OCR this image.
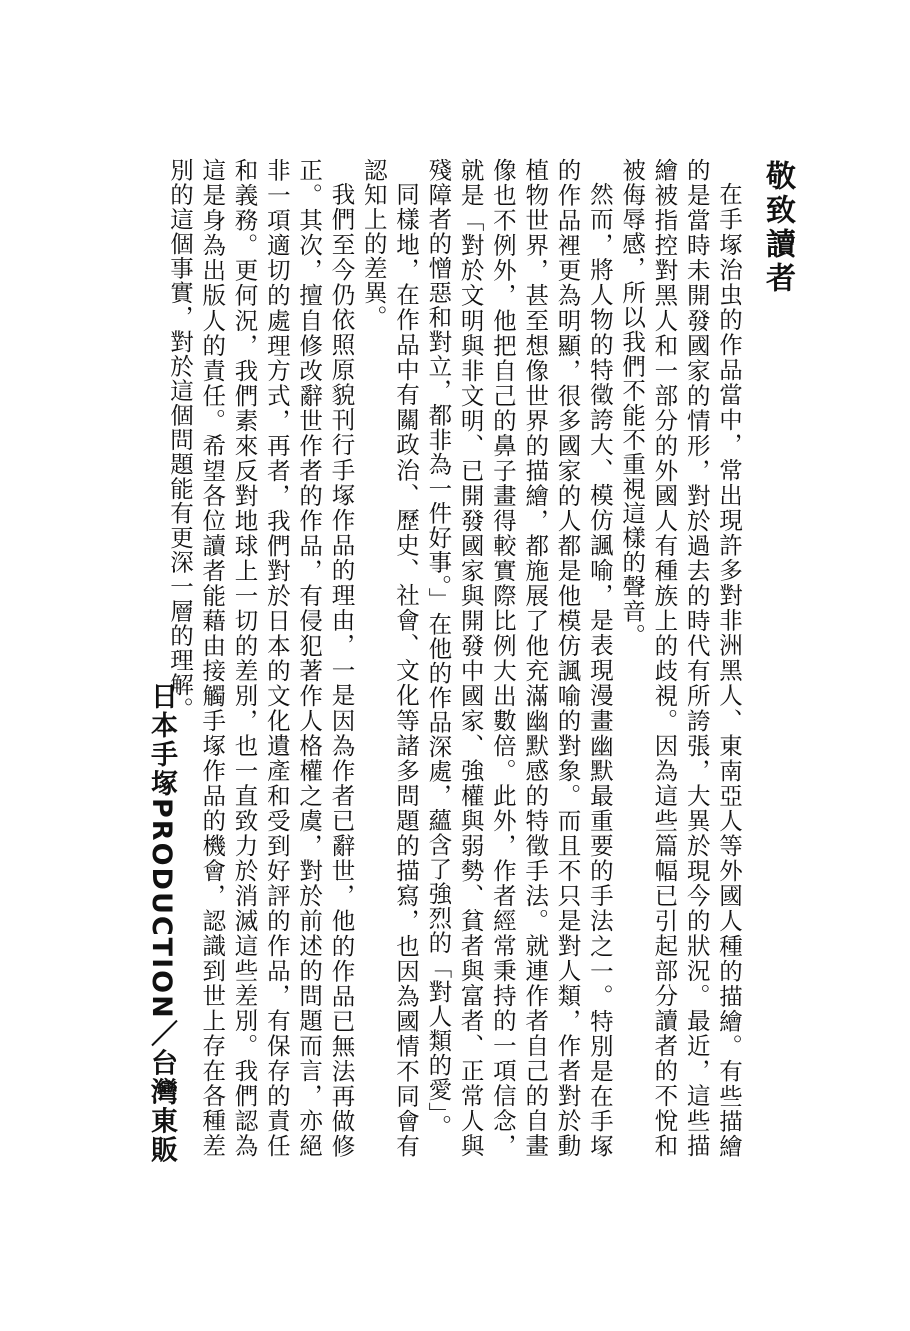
敬致讀者

在手塚治虫的作品當中，常出現許多對非洲黑人、東南亞人等外國人種的描繪。有些描繪的是當時未開發國家的情形，對於過去的時代有所誇張，大異於現今的狀況。最近，這些描繪被指控對黑人和一部分的外國人有種族上的歧視。因為這些篇幅已引起部分讀者的不悅和被侮辱感，所以我們不能不重視這樣的聲音。

然而，將人物的特徵誇大、模仿諷喻，是表現漫畫幽默最重要的手法之一。特別是在手塚的作品裡更為明顯，很多國家的人都是他模仿諷喻的對象。而且不只是對人類，作者對於動植物世界，甚至想像世界的描繪，都施展了他充滿幽默感的特徵手法。就連作者自己的自畫像也不例外，他把自己的鼻子畫得較實際比例大出數倍。此外，作者經常秉持的一項信念，就是「對於文明與非文明、已開發國家與開發中國家、強權與弱勢、貧者與富者、正常人與殘障者的憎惡和對立，都非為一件好事。」在他的作品深處，蘊含了強烈的「對人類的愛」。

同樣地，在作品中有關政治、歷史、社會、文化等諸多問題的描寫，也因為國情不同會有認知上的差異。

我們至今仍依照原貌刊行手塚作品的理由，一是因為作者已辭世，他的作品已無法再做修正。其次，擅自修改辭世作者的作品，有侵犯著作人格權之虞，對於前述的問題而言，亦絕非一項適切的處理方式，再者，我們對於日本的文化遺產和受到好評的作品，有保存的責任和義務。更何況，我們素來反對地球上一切的差別，也一直致力於消滅這些差別。我們認為這是身為出版人的責任。希望各位讀者能藉由接觸手塚作品的機會，認識到世上存在各種差別的這個事實，對於這個問題能有更深一層的理解。

日本手塚PRODUCTION／台灣東販
